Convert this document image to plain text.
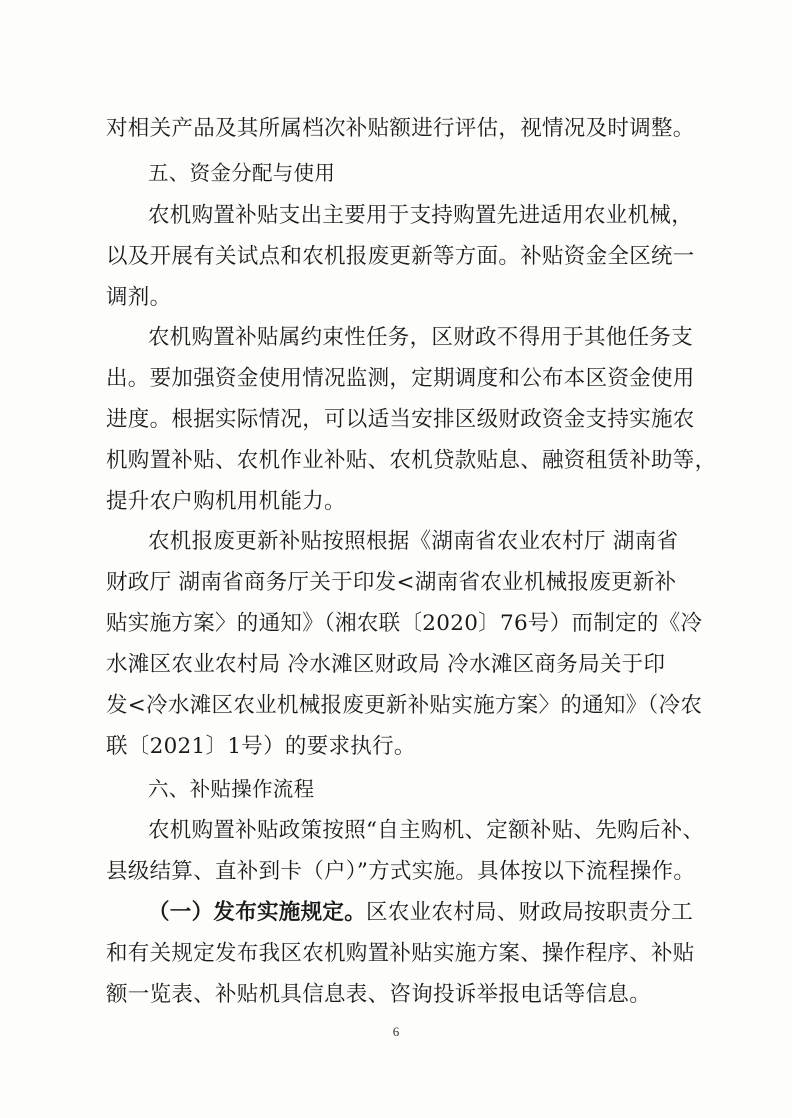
对相关产品及其所属档次补贴额进行评估，视情况及时调整。
五、资金分配与使用
农机购置补贴支出主要用于支持购置先进适用农业机械，
以及开展有关试点和农机报废更新等方面。补贴资金全区统一
调剂。
农机购置补贴属约束性任务，区财政不得用于其他任务支
出。要加强资金使用情况监测，定期调度和公布本区资金使用
进度。根据实际情况，可以适当安排区级财政资金支持实施农
机购置补贴、农机作业补贴、农机贷款贴息、融资租赁补助等，
提升农户购机用机能力。
农机报废更新补贴按照根据《湖南省农业农村厅 湖南省
财政厅 湖南省商务厅关于印发<湖南省农业机械报废更新补
贴实施方案〉的通知》（湘农联〔2020〕76号）而制定的《冷
水滩区农业农村局 冷水滩区财政局 冷水滩区商务局关于印
发<冷水滩区农业机械报废更新补贴实施方案〉的通知》（冷农
联〔2021〕1号）的要求执行。
六、补贴操作流程
农机购置补贴政策按照“自主购机、定额补贴、先购后补、
县级结算、直补到卡（户）”方式实施。具体按以下流程操作。
（一）发布实施规定。区农业农村局、财政局按职责分工
和有关规定发布我区农机购置补贴实施方案、操作程序、补贴
额一览表、补贴机具信息表、咨询投诉举报电话等信息。
6
